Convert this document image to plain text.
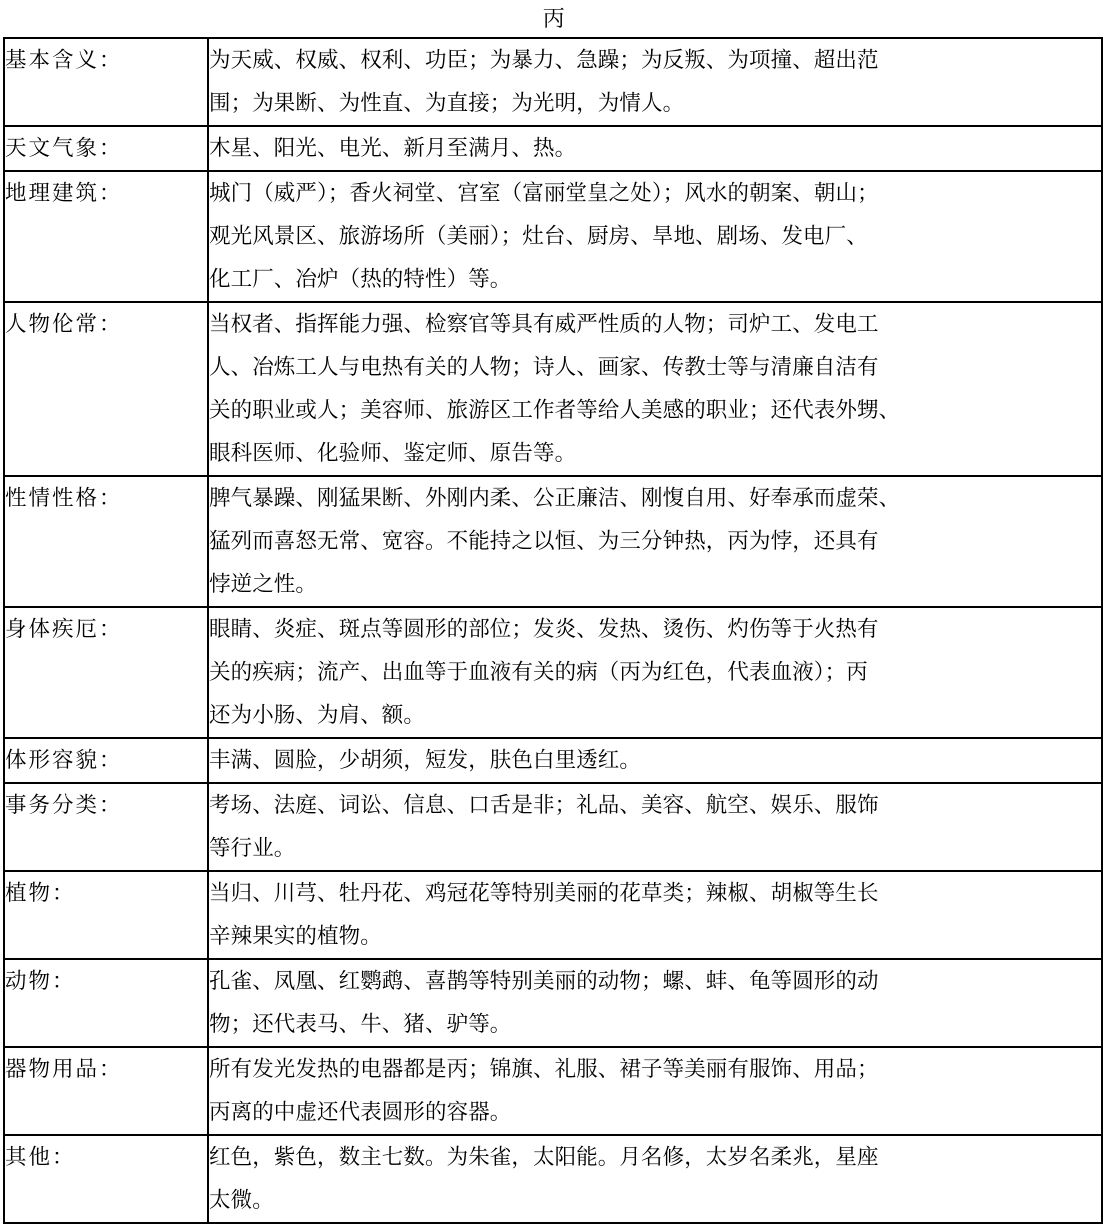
丙
基本含义：	为天威、权威、权利、功臣；为暴力、急躁；为反叛、为项撞、超出范
围；为果断、为性直、为直接；为光明，为情人。

天文气象：	木星、阳光、电光、新月至满月、热。

地理建筑：	城门（威严）；香火祠堂、宫室（富丽堂皇之处）；风水的朝案、朝山；
观光风景区、旅游场所（美丽）；灶台、厨房、旱地、剧场、发电厂、
化工厂、冶炉（热的特性）等。

人物伦常：	当权者、指挥能力强、检察官等具有威严性质的人物；司炉工、发电工
人、冶炼工人与电热有关的人物；诗人、画家、传教士等与清廉自洁有
关的职业或人；美容师、旅游区工作者等给人美感的职业；还代表外甥、
眼科医师、化验师、鉴定师、原告等。

性情性格：	脾气暴躁、刚猛果断、外刚内柔、公正廉洁、刚愎自用、好奉承而虚荣、
猛列而喜怒无常、宽容。不能持之以恒、为三分钟热，丙为悖，还具有
悖逆之性。

身体疾厄：	眼睛、炎症、斑点等圆形的部位；发炎、发热、烫伤、灼伤等于火热有
关的疾病；流产、出血等于血液有关的病（丙为红色，代表血液）；丙
还为小肠、为肩、额。

体形容貌：	丰满、圆脸，少胡须，短发，肤色白里透红。

事务分类：	考场、法庭、词讼、信息、口舌是非；礼品、美容、航空、娱乐、服饰
等行业。

植物：	当归、川芎、牡丹花、鸡冠花等特别美丽的花草类；辣椒、胡椒等生长
辛辣果实的植物。

动物：	孔雀、凤凰、红鹦鹉、喜鹊等特别美丽的动物；螺、蚌、龟等圆形的动
物；还代表马、牛、猪、驴等。

器物用品：	所有发光发热的电器都是丙；锦旗、礼服、裙子等美丽有服饰、用品；
丙离的中虚还代表圆形的容器。

其他：	红色，紫色，数主七数。为朱雀，太阳能。月名修，太岁名柔兆，星座
太微。
